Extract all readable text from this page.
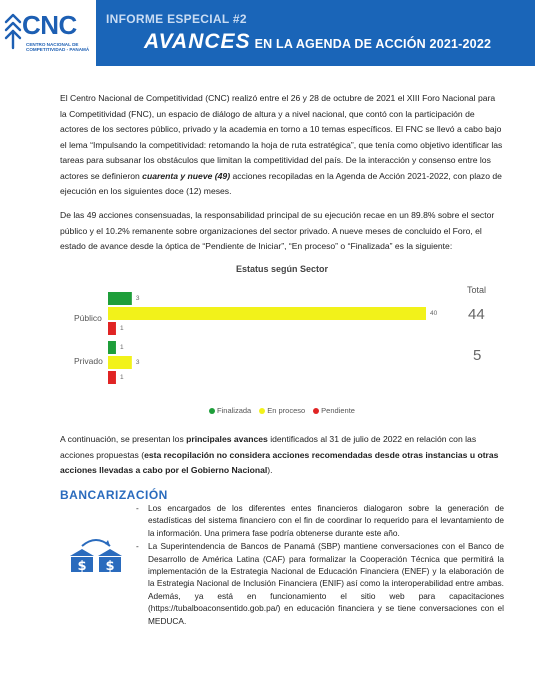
CNC
CENTRO NACIONAL DE COMPETITIVIDAD - PANAMÁ
INFORME ESPECIAL #2
AVANCES EN LA AGENDA DE ACCIÓN 2021-2022

El Centro Nacional de Competitividad (CNC) realizó entre el 26 y 28 de octubre de 2021 el XIII Foro Nacional para la Competitividad (FNC), un espacio de diálogo de altura y a nivel nacional, que contó con la participación de actores de los sectores público, privado y la academia en torno a 10 temas específicos. El FNC se llevó a cabo bajo el lema “Impulsando la competitividad: retomando la hoja de ruta estratégica”, que tenía como objetivo identificar las tareas para subsanar los obstáculos que limitan la competitividad del país. De la interacción y consenso entre los actores se definieron cuarenta y nueve (49) acciones recopiladas en la Agenda de Acción 2021-2022, con plazo de ejecución en los siguientes doce (12) meses.

De las 49 acciones consensuadas, la responsabilidad principal de su ejecución recae en un 89.8% sobre el sector público y el 10.2% remanente sobre organizaciones del sector privado. A nueve meses de concluido el Foro, el estado de avance desde la óptica de “Pendiente de Iniciar”, “En proceso” o “Finalizada” es la siguiente:

Estatus según Sector
Total
Público	44
3
40
1
Privado	5
1
3
1
Finalizada En proceso Pendiente

A continuación, se presentan los principales avances identificados al 31 de julio de 2022 en relación con las acciones propuestas (esta recopilación no considera acciones recomendadas desde otras instancias u otras acciones llevadas a cabo por el Gobierno Nacional).

BANCARIZACIÓN
$ $
- Los encargados de los diferentes entes financieros dialogaron sobre la generación de estadísticas del sistema financiero con el fin de coordinar lo requerido para el levantamiento de la información. Una primera fase podría obtenerse durante este año.
- La Superintendencia de Bancos de Panamá (SBP) mantiene conversaciones con el Banco de Desarrollo de América Latina (CAF) para formalizar la Cooperación Técnica que permitirá la implementación de la Estrategia Nacional de Educación Financiera (ENEF) y la elaboración de la Estrategia Nacional de Inclusión Financiera (ENIF) así como la interoperabilidad entre ambas. Además, ya está en funcionamiento el sitio web para capacitaciones (https://tubalboaconsentido.gob.pa/) en educación financiera y se tiene conversaciones con el MEDUCA.
